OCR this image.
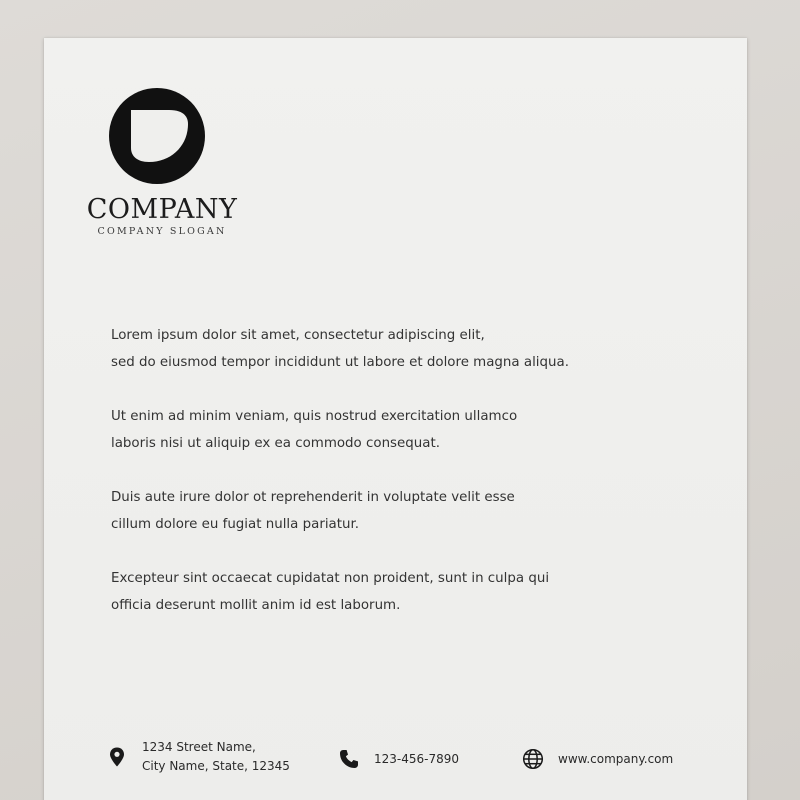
COMPANY
COMPANY SLOGAN

Lorem ipsum dolor sit amet, consectetur adipiscing elit,
sed do eiusmod tempor incididunt ut labore et dolore magna aliqua.

Ut enim ad minim veniam, quis nostrud exercitation ullamco
laboris nisi ut aliquip ex ea commodo consequat.

Duis aute irure dolor ot reprehenderit in voluptate velit esse
cillum dolore eu fugiat nulla pariatur.

Excepteur sint occaecat cupidatat non proident, sunt in culpa qui
officia deserunt mollit anim id est laborum.

1234 Street Name,
City Name, State, 12345	123-456-7890	www.company.com
